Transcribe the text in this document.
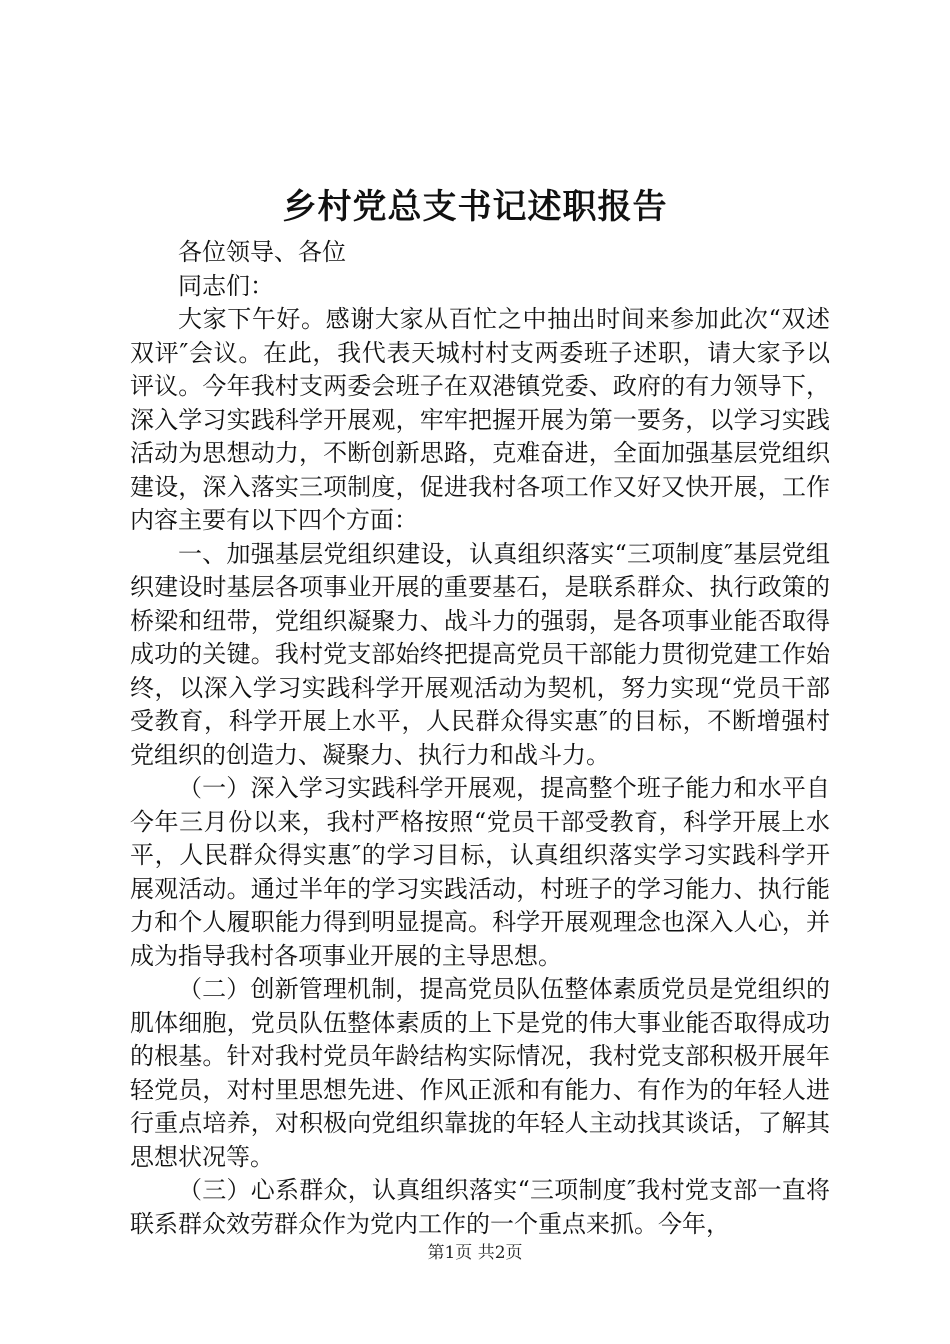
乡村党总支书记述职报告
各位领导、各位
同志们：

大家下午好。感谢大家从百忙之中抽出时间来参加此次“双述双评″会议。在此，我代表天城村村支两委班子述职，请大家予以评议。今年我村支两委会班子在双港镇党委、政府的有力领导下，深入学习实践科学开展观，牢牢把握开展为第一要务，以学习实践活动为思想动力，不断创新思路，克难奋进，全面加强基层党组织建设，深入落实三项制度，促进我村各项工作又好又快开展，工作内容主要有以下四个方面：

一、加强基层党组织建设，认真组织落实“三项制度″基层党组织建设时基层各项事业开展的重要基石，是联系群众、执行政策的桥梁和纽带，党组织凝聚力、战斗力的强弱，是各项事业能否取得成功的关键。我村党支部始终把提高党员干部能力贯彻党建工作始终，以深入学习实践科学开展观活动为契机，努力实现“党员干部受教育，科学开展上水平，人民群众得实惠″的目标，不断增强村党组织的创造力、凝聚力、执行力和战斗力。

（一）深入学习实践科学开展观，提高整个班子能力和水平自今年三月份以来，我村严格按照“党员干部受教育，科学开展上水平，人民群众得实惠″的学习目标，认真组织落实学习实践科学开展观活动。通过半年的学习实践活动，村班子的学习能力、执行能力和个人履职能力得到明显提高。科学开展观理念也深入人心，并成为指导我村各项事业开展的主导思想。

（二）创新管理机制，提高党员队伍整体素质党员是党组织的肌体细胞，党员队伍整体素质的上下是党的伟大事业能否取得成功的根基。针对我村党员年龄结构实际情况，我村党支部积极开展年轻党员，对村里思想先进、作风正派和有能力、有作为的年轻人进行重点培养，对积极向党组织靠拢的年轻人主动找其谈话，了解其思想状况等。

（三）心系群众，认真组织落实“三项制度″我村党支部一直将联系群众效劳群众作为党内工作的一个重点来抓。今年，

第1页 共2页
